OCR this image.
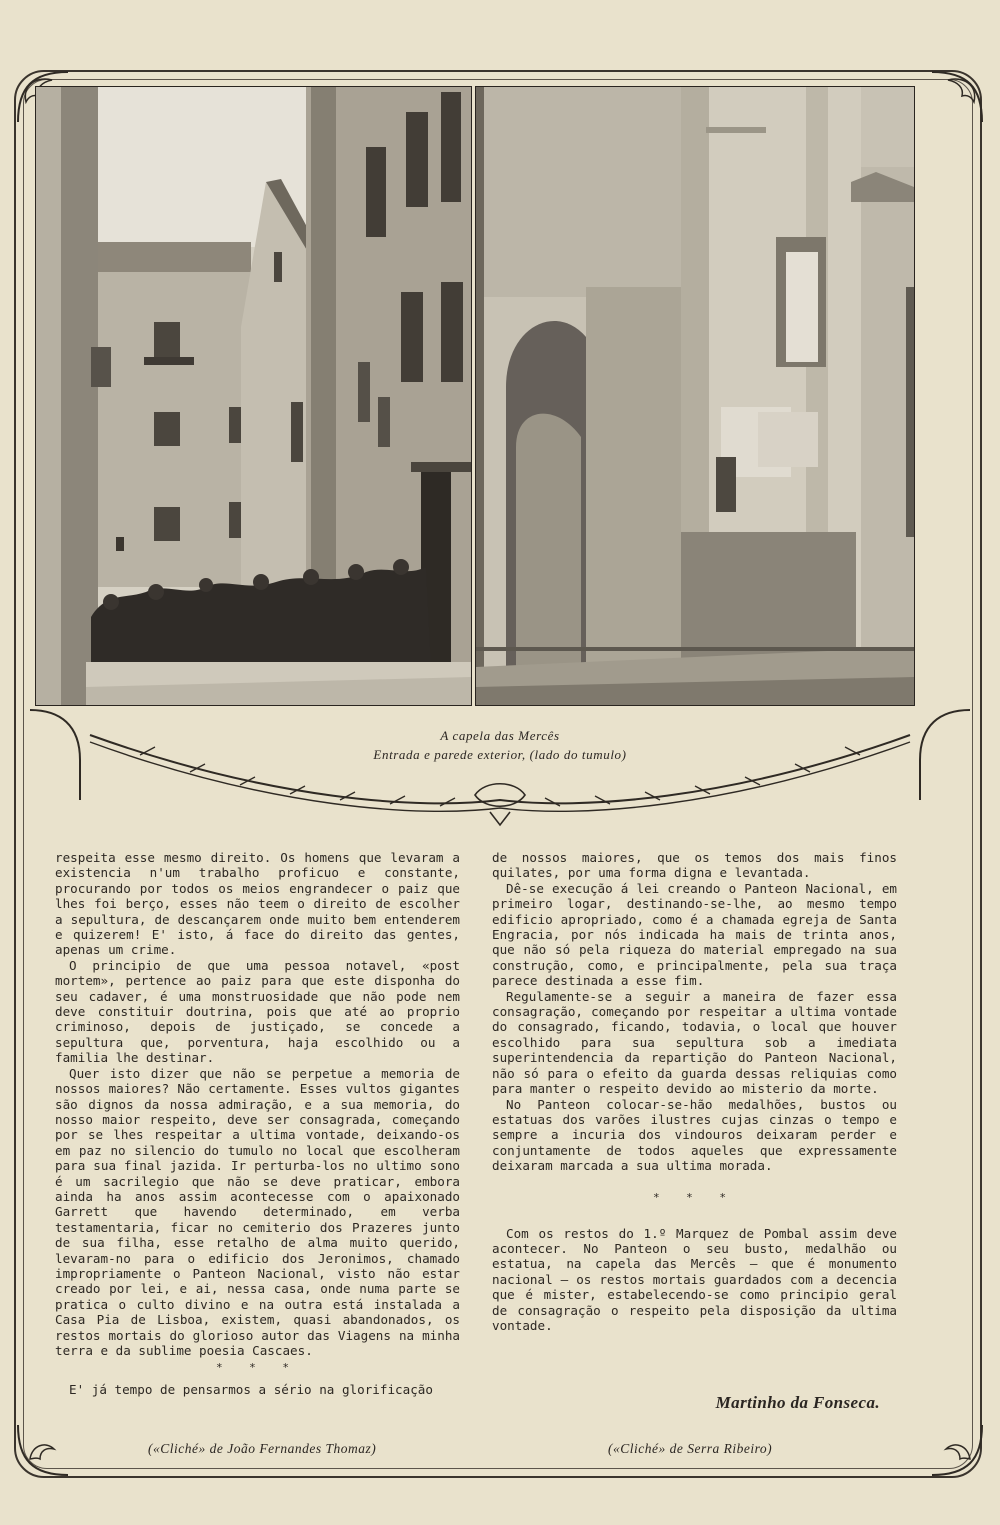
A capela das Mercês
Entrada e parede exterior, (lado do tumulo)

respeita esse mesmo direito. Os homens que levaram a existencia n'um trabalho proficuo e constante, procurando por todos os meios engrandecer o paiz que lhes foi berço, esses não teem o direito de escolher a sepultura, de descançarem onde muito bem entenderem e quizerem! E' isto, á face do direito das gentes, apenas um crime.

O principio de que uma pessoa notavel, «post mortem», pertence ao paiz para que este disponha do seu cadaver, é uma monstruosidade que não pode nem deve constituir doutrina, pois que até ao proprio criminoso, depois de justiçado, se concede a sepultura que, porventura, haja escolhido ou a familia lhe destinar.

Quer isto dizer que não se perpetue a memoria de nossos maiores? Não certamente. Esses vultos gigantes são dignos da nossa admiração, e a sua memoria, do nosso maior respeito, deve ser consagrada, começando por se lhes respeitar a ultima vontade, deixando-os em paz no silencio do tumulo no local que escolheram para sua final jazida. Ir perturba-los no ultimo sono é um sacrilegio que não se deve praticar, embora ainda ha anos assim acontecesse com o apaixonado Garrett que havendo determinado, em verba testamentaria, ficar no cemiterio dos Prazeres junto de sua filha, esse retalho de alma muito querido, levaram-no para o edificio dos Jeronimos, chamado impropriamente o Panteon Nacional, visto não estar creado por lei, e ai, nessa casa, onde numa parte se pratica o culto divino e na outra está instalada a Casa Pia de Lisboa, existem, quasi abandonados, os restos mortais do glorioso autor das Viagens na minha terra e da sublime poesia Cascaes.

* * *

E' já tempo de pensarmos a sério na glorificação

de nossos maiores, que os temos dos mais finos quilates, por uma forma digna e levantada.

Dê-se execução á lei creando o Panteon Nacional, em primeiro logar, destinando-se-lhe, ao mesmo tempo edificio apropriado, como é a chamada egreja de Santa Engracia, por nós indicada ha mais de trinta anos, que não só pela riqueza do material empregado na sua construção, como, e principalmente, pela sua traça parece destinada a esse fim.

Regulamente-se a seguir a maneira de fazer essa consagração, começando por respeitar a ultima vontade do consagrado, ficando, todavia, o local que houver escolhido para sua sepultura sob a imediata superintendencia da repartição do Panteon Nacional, não só para o efeito da guarda dessas reliquias como para manter o respeito devido ao misterio da morte.

No Panteon colocar-se-hão medalhões, bustos ou estatuas dos varões ilustres cujas cinzas o tempo e sempre a incuria dos vindouros deixaram perder e conjuntamente de todos aqueles que expressamente deixaram marcada a sua ultima morada.

* * *

Com os restos do 1.º Marquez de Pombal assim deve acontecer. No Panteon o seu busto, medalhão ou estatua, na capela das Mercês — que é monumento nacional — os restos mortais guardados com a decencia que é mister, estabelecendo-se como principio geral de consagração o respeito pela disposição da ultima vontade.

Martinho da Fonseca.
(«Cliché» de João Fernandes Thomaz)	(«Cliché» de Serra Ribeiro)
